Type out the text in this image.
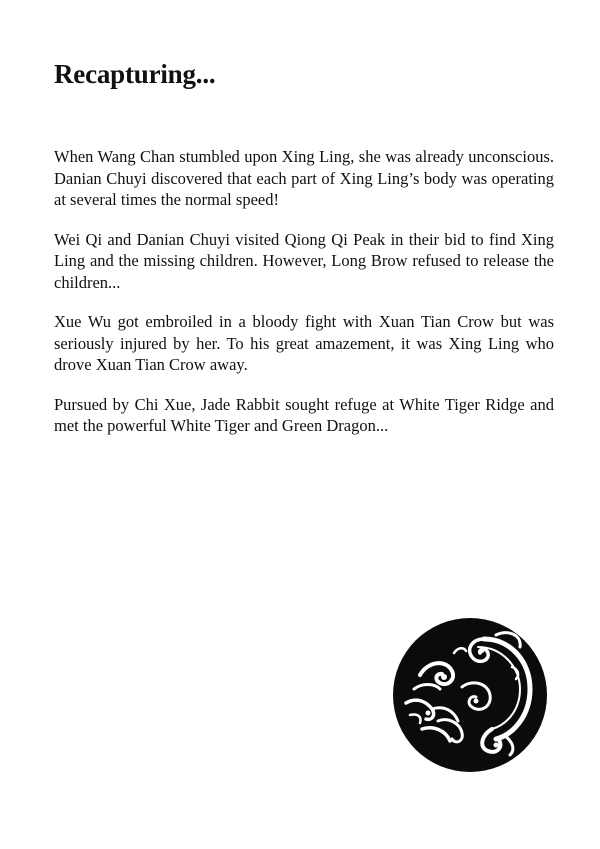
Recapturing...

When Wang Chan stumbled upon Xing Ling, she was already unconscious. Danian Chuyi discovered that each part of Xing Ling’s body was operating at several times the normal speed!

Wei Qi and Danian Chuyi visited Qiong Qi Peak in their bid to find Xing Ling and the missing children. However, Long Brow refused to release the children...

Xue Wu got embroiled in a bloody fight with Xuan Tian Crow but was seriously injured by her. To his great amazement, it was Xing Ling who drove Xuan Tian Crow away.

Pursued by Chi Xue, Jade Rabbit sought refuge at White Tiger Ridge and met the powerful White Tiger and Green Dragon...
